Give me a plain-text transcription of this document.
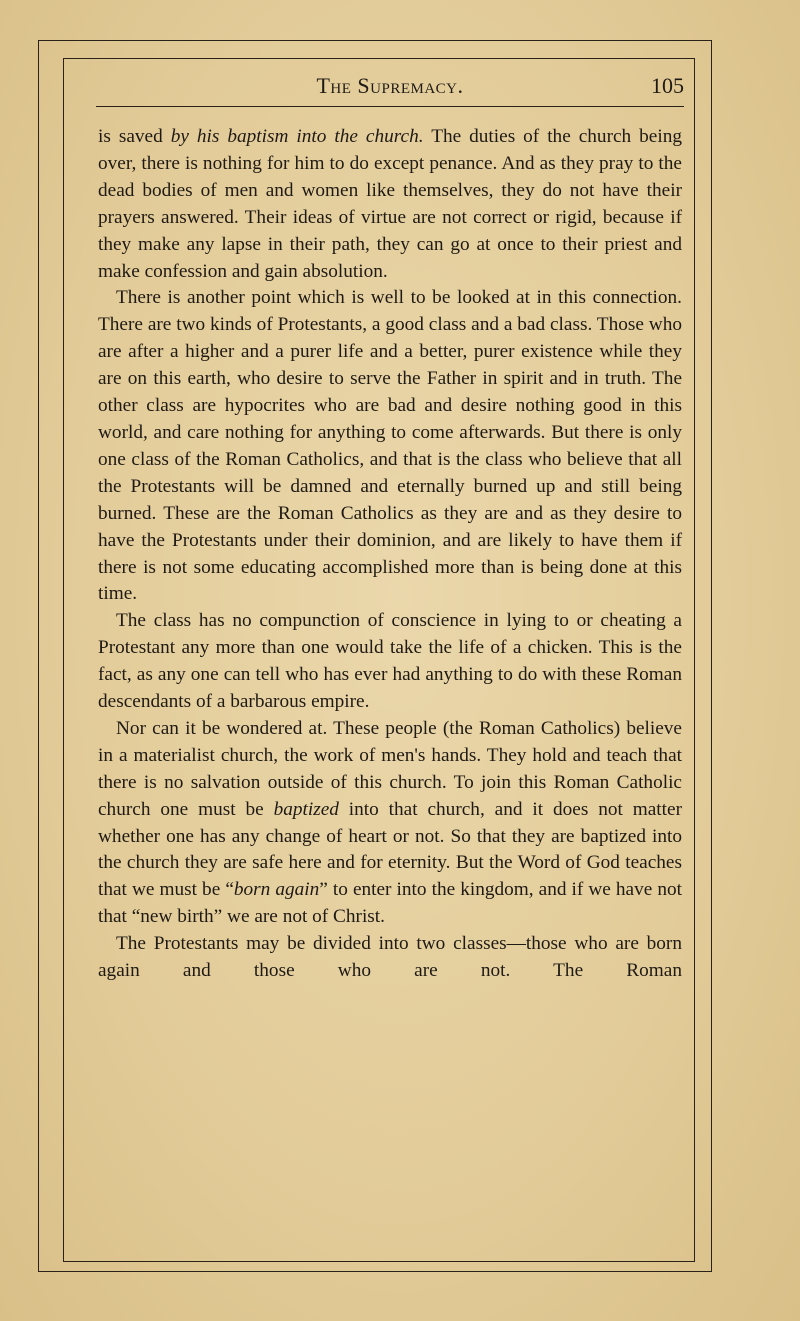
The Supremacy.	105

is saved by his baptism into the church. The duties of the church being over, there is nothing for him to do except penance. And as they pray to the dead bodies of men and women like themselves, they do not have their prayers answered. Their ideas of virtue are not correct or rigid, because if they make any lapse in their path, they can go at once to their priest and make confession and gain absolution.

There is another point which is well to be looked at in this connection. There are two kinds of Protestants, a good class and a bad class. Those who are after a higher and a purer life and a better, purer existence while they are on this earth, who desire to serve the Father in spirit and in truth. The other class are hypocrites who are bad and desire nothing good in this world, and care nothing for anything to come afterwards. But there is only one class of the Roman Catholics, and that is the class who believe that all the Protestants will be damned and eternally burned up and still being burned. These are the Roman Catholics as they are and as they desire to have the Protestants under their dominion, and are likely to have them if there is not some educating accomplished more than is being done at this time.

The class has no compunction of conscience in lying to or cheating a Protestant any more than one would take the life of a chicken. This is the fact, as any one can tell who has ever had anything to do with these Roman descendants of a barbarous empire.

Nor can it be wondered at. These people (the Roman Catholics) believe in a materialist church, the work of men's hands. They hold and teach that there is no salvation outside of this church. To join this Roman Catholic church one must be baptized into that church, and it does not matter whether one has any change of heart or not. So that they are baptized into the church they are safe here and for eternity. But the Word of God teaches that we must be “born again” to enter into the kingdom, and if we have not that “new birth” we are not of Christ.

The Protestants may be divided into two classes—those who are born again and those who are not. The Roman
